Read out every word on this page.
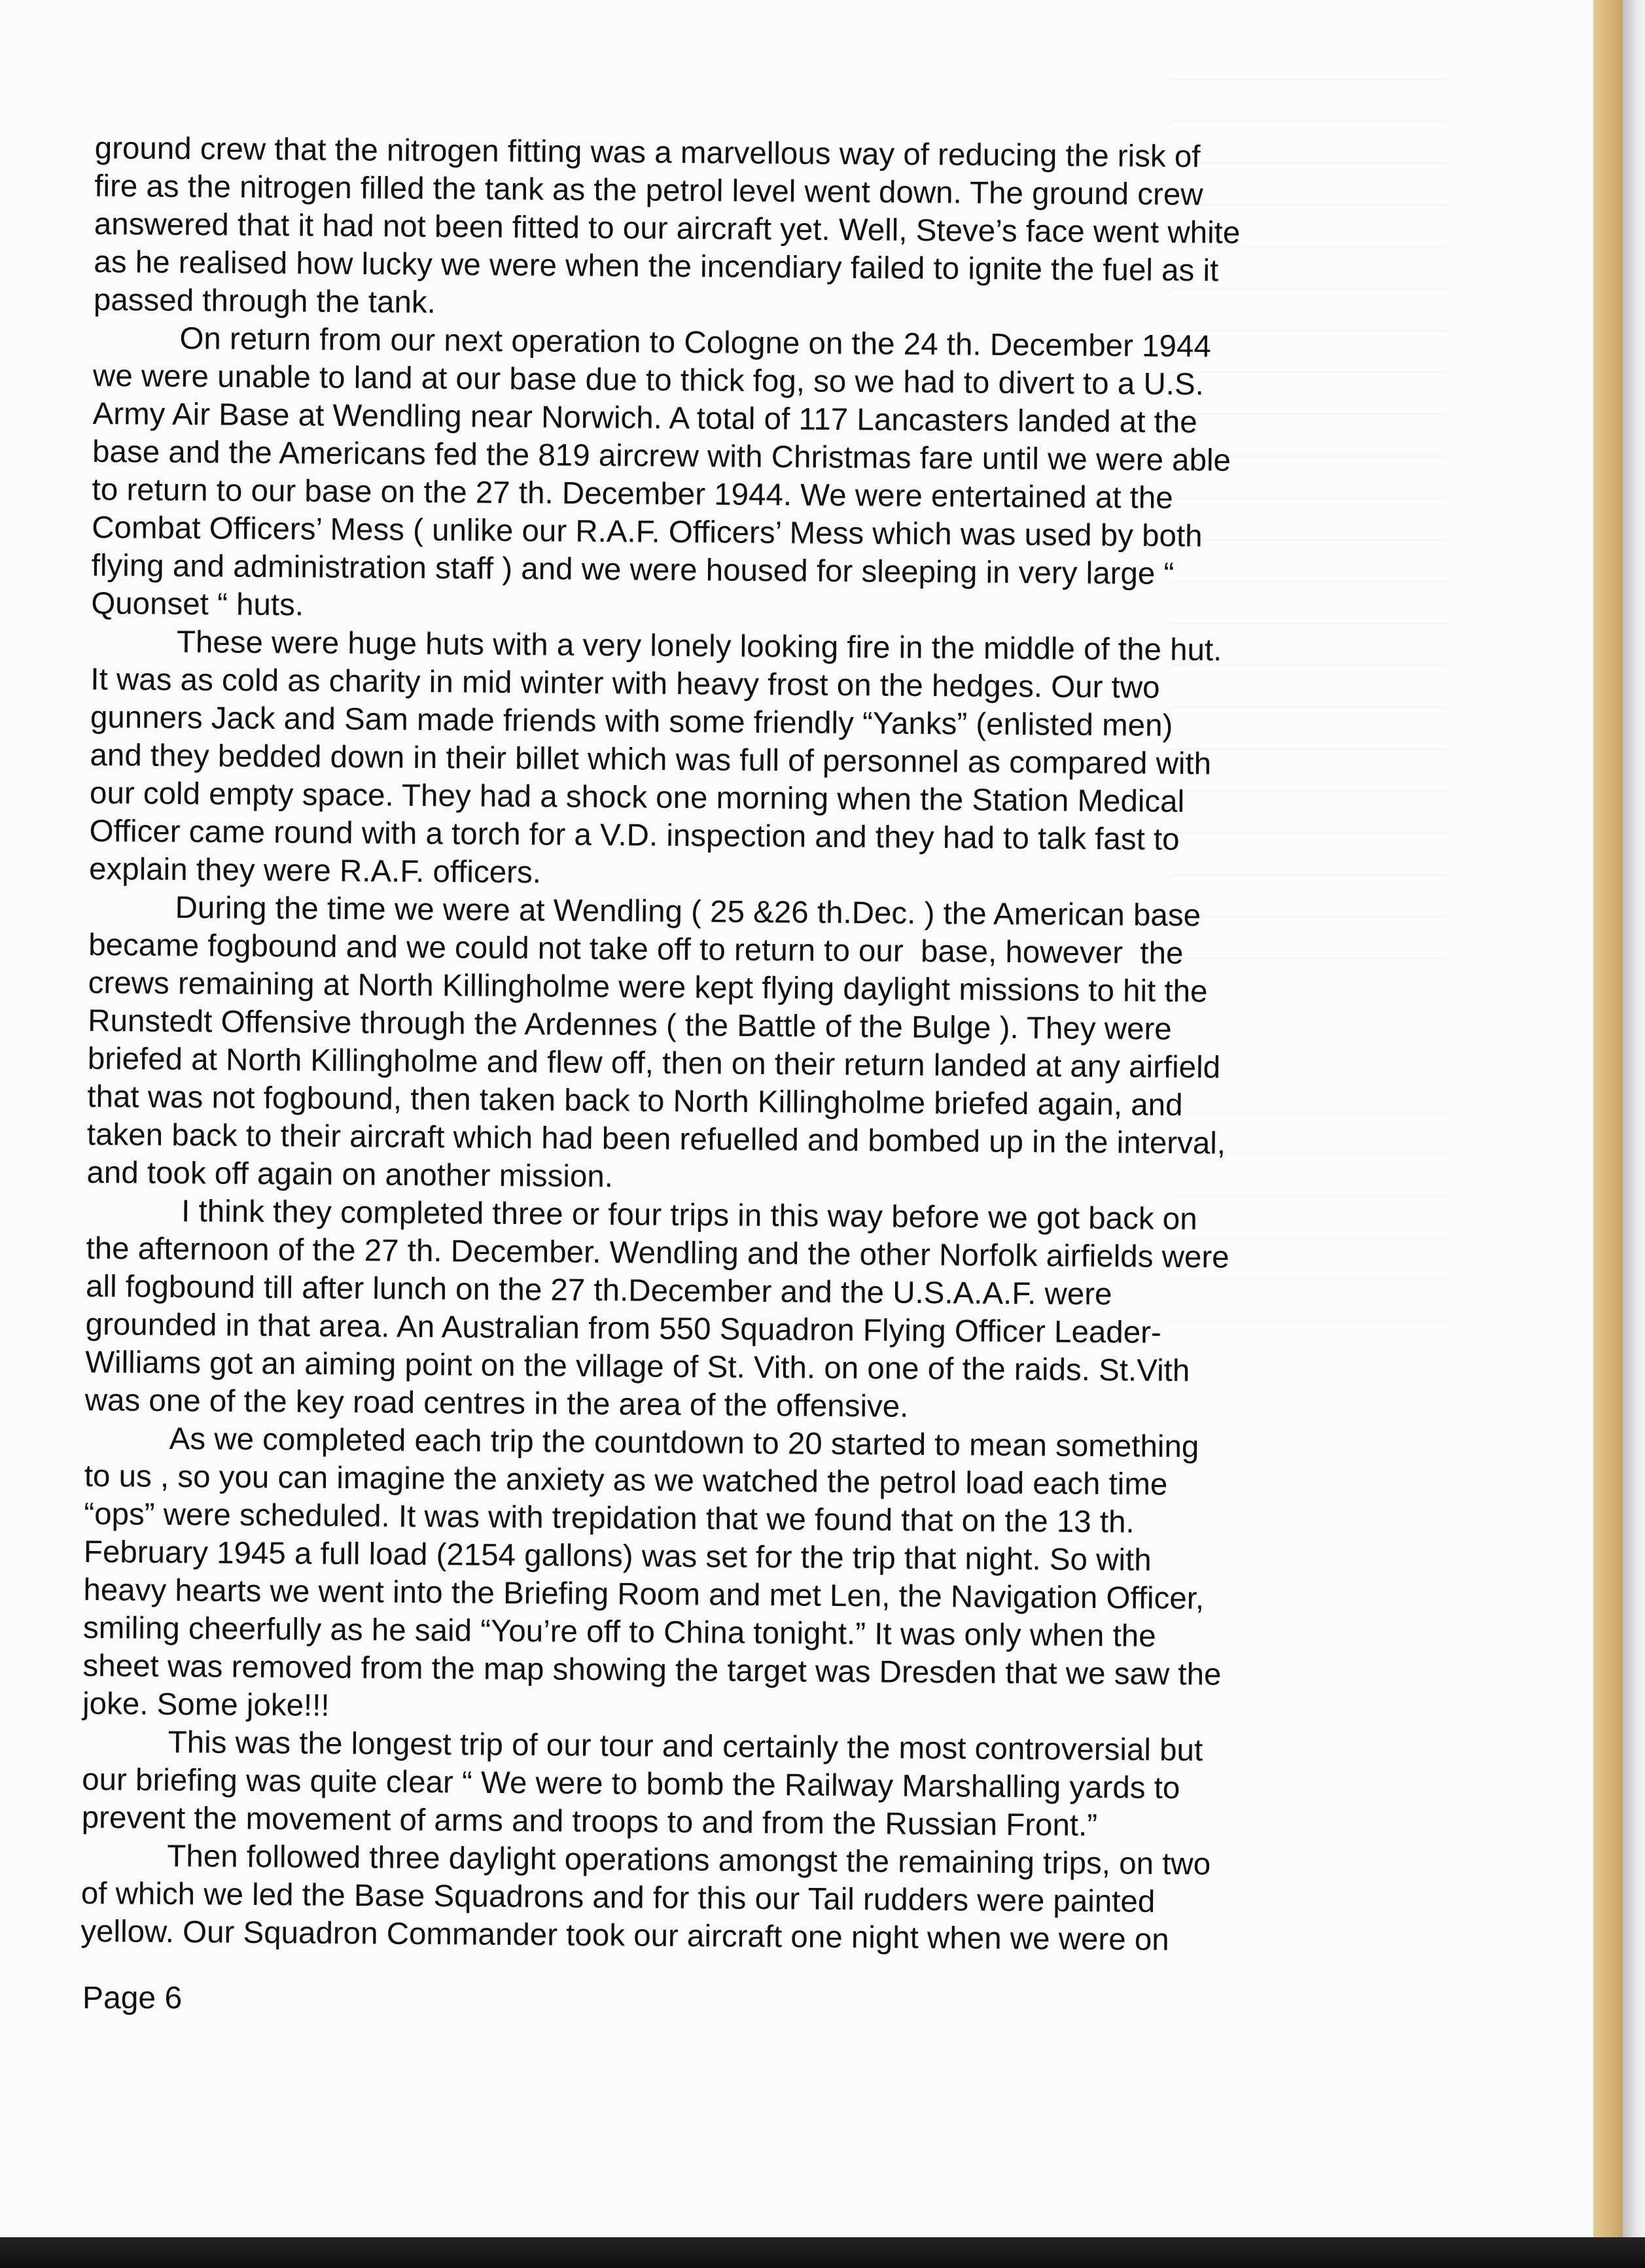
ground crew that the nitrogen fitting was a marvellous way of reducing the risk of
fire as the nitrogen filled the tank as the petrol level went down. The ground crew
answered that it had not been fitted to our aircraft yet. Well, Steve’s face went white
as he realised how lucky we were when the incendiary failed to ignite the fuel as it
passed through the tank.
On return from our next operation to Cologne on the 24 th. December 1944
we were unable to land at our base due to thick fog, so we had to divert to a U.S.
Army Air Base at Wendling near Norwich. A total of 117 Lancasters landed at the
base and the Americans fed the 819 aircrew with Christmas fare until we were able
to return to our base on the 27 th. December 1944. We were entertained at the
Combat Officers’ Mess ( unlike our R.A.F. Officers’ Mess which was used by both
flying and administration staff ) and we were housed for sleeping in very large “
Quonset “ huts.
These were huge huts with a very lonely looking fire in the middle of the hut.
It was as cold as charity in mid winter with heavy frost on the hedges. Our two
gunners Jack and Sam made friends with some friendly “Yanks” (enlisted men)
and they bedded down in their billet which was full of personnel as compared with
our cold empty space. They had a shock one morning when the Station Medical
Officer came round with a torch for a V.D. inspection and they had to talk fast to
explain they were R.A.F. officers.
During the time we were at Wendling ( 25 &26 th.Dec. ) the American base
became fogbound and we could not take off to return to our  base, however  the
crews remaining at North Killingholme were kept flying daylight missions to hit the
Runstedt Offensive through the Ardennes ( the Battle of the Bulge ). They were
briefed at North Killingholme and flew off, then on their return landed at any airfield
that was not fogbound, then taken back to North Killingholme briefed again, and
taken back to their aircraft which had been refuelled and bombed up in the interval,
and took off again on another mission.
I think they completed three or four trips in this way before we got back on
the afternoon of the 27 th. December. Wendling and the other Norfolk airfields were
all fogbound till after lunch on the 27 th.December and the U.S.A.A.F. were
grounded in that area. An Australian from 550 Squadron Flying Officer Leader-
Williams got an aiming point on the village of St. Vith. on one of the raids. St.Vith
was one of the key road centres in the area of the offensive.
As we completed each trip the countdown to 20 started to mean something
to us , so you can imagine the anxiety as we watched the petrol load each time
“ops” were scheduled. It was with trepidation that we found that on the 13 th.
February 1945 a full load (2154 gallons) was set for the trip that night. So with
heavy hearts we went into the Briefing Room and met Len, the Navigation Officer,
smiling cheerfully as he said “You’re off to China tonight.” It was only when the
sheet was removed from the map showing the target was Dresden that we saw the
joke. Some joke!!!
This was the longest trip of our tour and certainly the most controversial but
our briefing was quite clear “ We were to bomb the Railway Marshalling yards to
prevent the movement of arms and troops to and from the Russian Front.”
Then followed three daylight operations amongst the remaining trips, on two
of which we led the Base Squadrons and for this our Tail rudders were painted
yellow. Our Squadron Commander took our aircraft one night when we were on
Page 6
